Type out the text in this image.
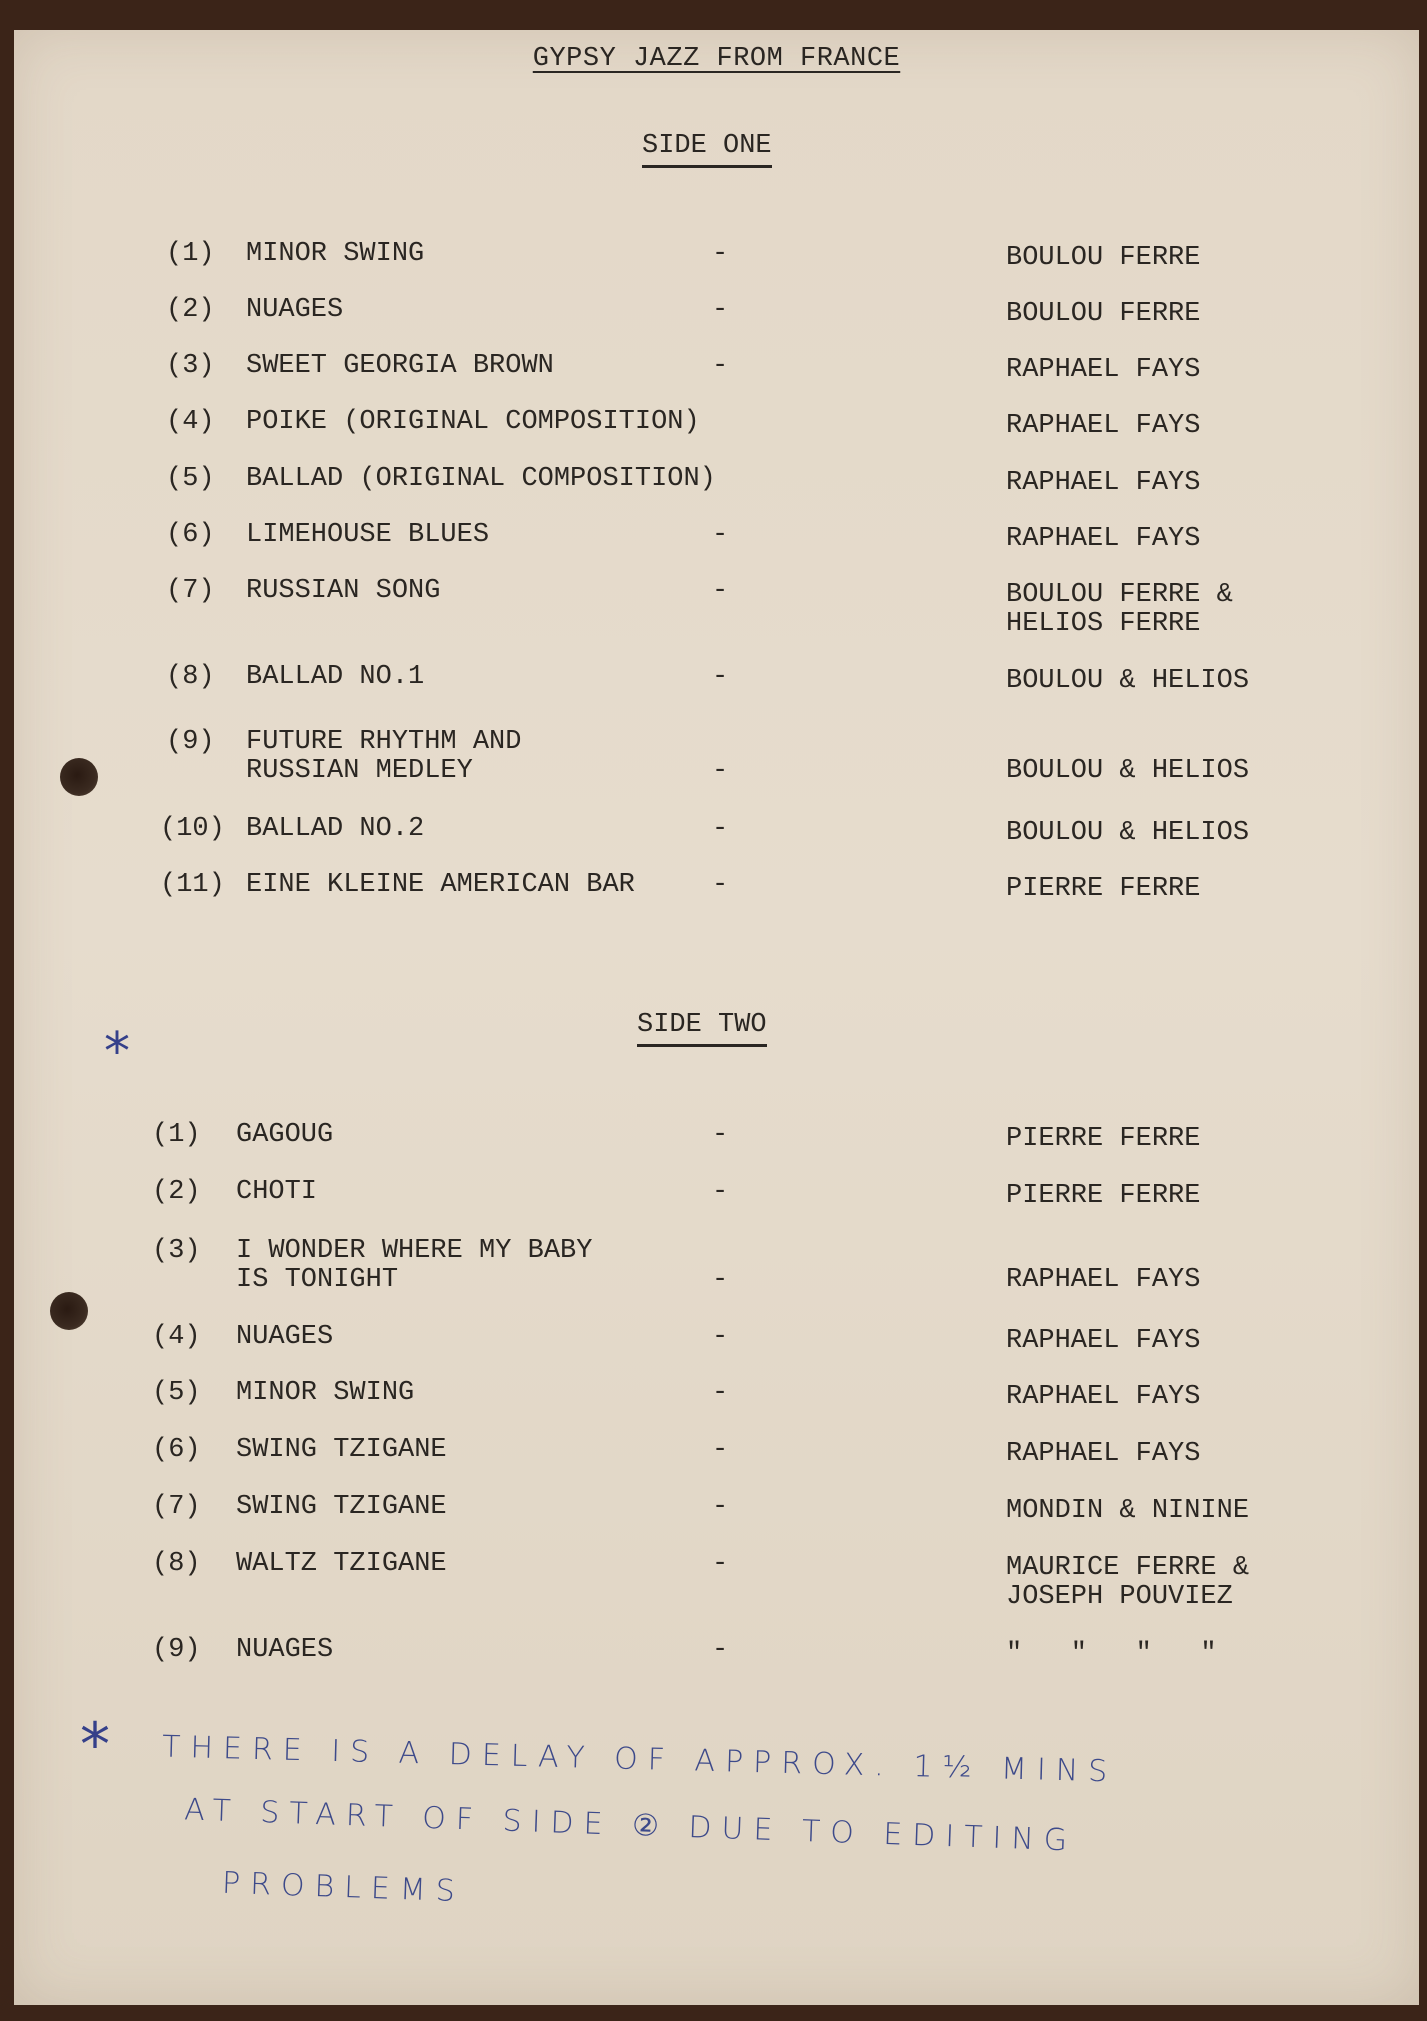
GYPSY JAZZ FROM FRANCE
SIDE ONE
(1) MINOR SWING	-	BOULOU FERRE
(2) NUAGES	-	BOULOU FERRE
(3) SWEET GEORGIA BROWN	-	RAPHAEL FAYS
(4) POIKE (ORIGINAL COMPOSITION)	RAPHAEL FAYS
(5) BALLAD (ORIGINAL COMPOSITION)	RAPHAEL FAYS
(6) LIMEHOUSE BLUES	-	RAPHAEL FAYS
(7) RUSSIAN SONG	-	BOULOU FERRE &
HELIOS FERRE
(8) BALLAD NO.1	-	BOULOU & HELIOS
(9) FUTURE RHYTHM AND
RUSSIAN MEDLEY	-	BOULOU & HELIOS
(10) BALLAD NO.2	-	BOULOU & HELIOS
(11) EINE KLEINE AMERICAN BAR	-	PIERRE FERRE
*	SIDE TWO
(1) GAGOUG	-	PIERRE FERRE
(2) CHOTI	-	PIERRE FERRE
(3) I WONDER WHERE MY BABY
IS TONIGHT	-	RAPHAEL FAYS
(4) NUAGES	-	RAPHAEL FAYS
(5) MINOR SWING	-	RAPHAEL FAYS
(6) SWING TZIGANE	-	RAPHAEL FAYS
(7) SWING TZIGANE	-	MONDIN & NININE
(8) WALTZ TZIGANE	-	MAURICE FERRE &
JOSEPH POUVIEZ
(9) NUAGES	-	"   "   "   "
* THERE IS A DELAY OF APPROX. 1½ MINS
AT START OF SIDE ② DUE TO EDITING
PROBLEMS
